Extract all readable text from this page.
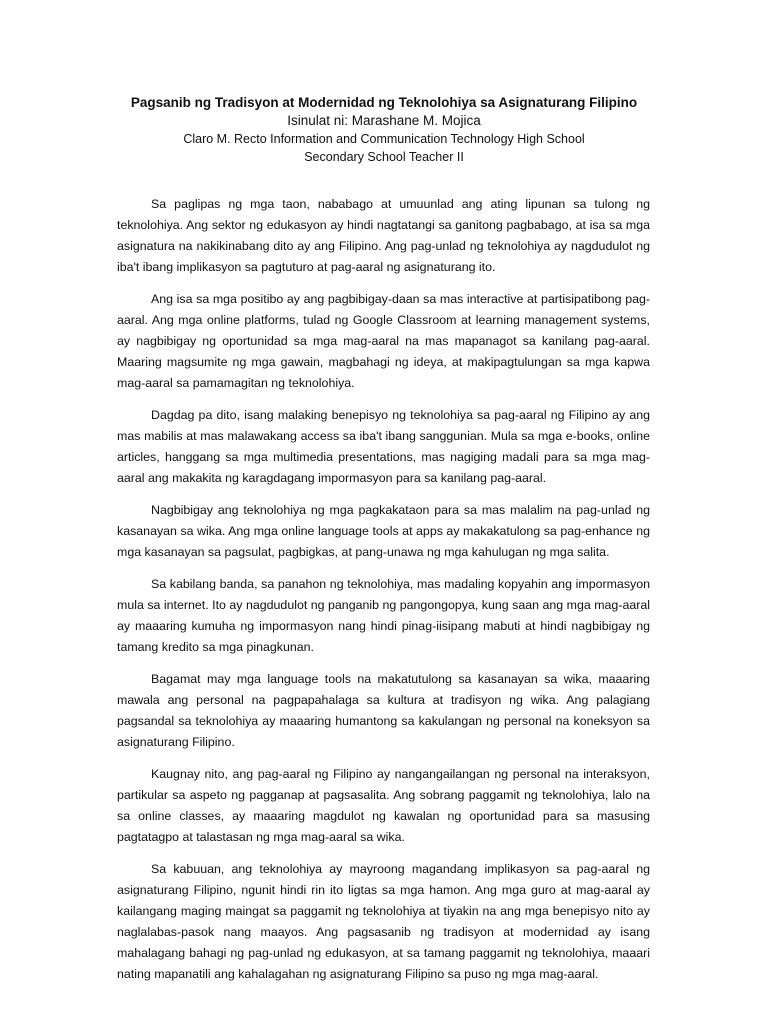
Pagsanib ng Tradisyon at Modernidad ng Teknolohiya sa Asignaturang Filipino

Isinulat ni: Marashane M. Mojica

Claro M. Recto Information and Communication Technology High School

Secondary School Teacher II

Sa paglipas ng mga taon, nababago at umuunlad ang ating lipunan sa tulong ng teknolohiya. Ang sektor ng edukasyon ay hindi nagtatangi sa ganitong pagbabago, at isa sa mga asignatura na nakikinabang dito ay ang Filipino. Ang pag-unlad ng teknolohiya ay nagdudulot ng iba't ibang implikasyon sa pagtuturo at pag-aaral ng asignaturang ito.

Ang isa sa mga positibo ay ang pagbibigay-daan sa mas interactive at partisipatibong pag-aaral. Ang mga online platforms, tulad ng Google Classroom at learning management systems, ay nagbibigay ng oportunidad sa mga mag-aaral na mas mapanagot sa kanilang pag-aaral. Maaring magsumite ng mga gawain, magbahagi ng ideya, at makipagtulungan sa mga kapwa mag-aaral sa pamamagitan ng teknolohiya.

Dagdag pa dito, isang malaking benepisyo ng teknolohiya sa pag-aaral ng Filipino ay ang mas mabilis at mas malawakang access sa iba't ibang sanggunian. Mula sa mga e-books, online articles, hanggang sa mga multimedia presentations, mas nagiging madali para sa mga mag-aaral ang makakita ng karagdagang impormasyon para sa kanilang pag-aaral.

Nagbibigay ang teknolohiya ng mga pagkakataon para sa mas malalim na pag-unlad ng kasanayan sa wika. Ang mga online language tools at apps ay makakatulong sa pag-enhance ng mga kasanayan sa pagsulat, pagbigkas, at pang-unawa ng mga kahulugan ng mga salita.

Sa kabilang banda, sa panahon ng teknolohiya, mas madaling kopyahin ang impormasyon mula sa internet. Ito ay nagdudulot ng panganib ng pangongopya, kung saan ang mga mag-aaral ay maaaring kumuha ng impormasyon nang hindi pinag-iisipang mabuti at hindi nagbibigay ng tamang kredito sa mga pinagkunan.

Bagamat may mga language tools na makatutulong sa kasanayan sa wika, maaaring mawala ang personal na pagpapahalaga sa kultura at tradisyon ng wika. Ang palagiang pagsandal sa teknolohiya ay maaaring humantong sa kakulangan ng personal na koneksyon sa asignaturang Filipino.

Kaugnay nito, ang pag-aaral ng Filipino ay nangangailangan ng personal na interaksyon, partikular sa aspeto ng pagganap at pagsasalita. Ang sobrang paggamit ng teknolohiya, lalo na sa online classes, ay maaaring magdulot ng kawalan ng oportunidad para sa masusing pagtatagpo at talastasan ng mga mag-aaral sa wika.

Sa kabuuan, ang teknolohiya ay mayroong magandang implikasyon sa pag-aaral ng asignaturang Filipino, ngunit hindi rin ito ligtas sa mga hamon. Ang mga guro at mag-aaral ay kailangang maging maingat sa paggamit ng teknolohiya at tiyakin na ang mga benepisyo nito ay naglalabas-pasok nang maayos. Ang pagsasanib ng tradisyon at modernidad ay isang mahalagang bahagi ng pag-unlad ng edukasyon, at sa tamang paggamit ng teknolohiya, maaari nating mapanatili ang kahalagahan ng asignaturang Filipino sa puso ng mga mag-aaral.
